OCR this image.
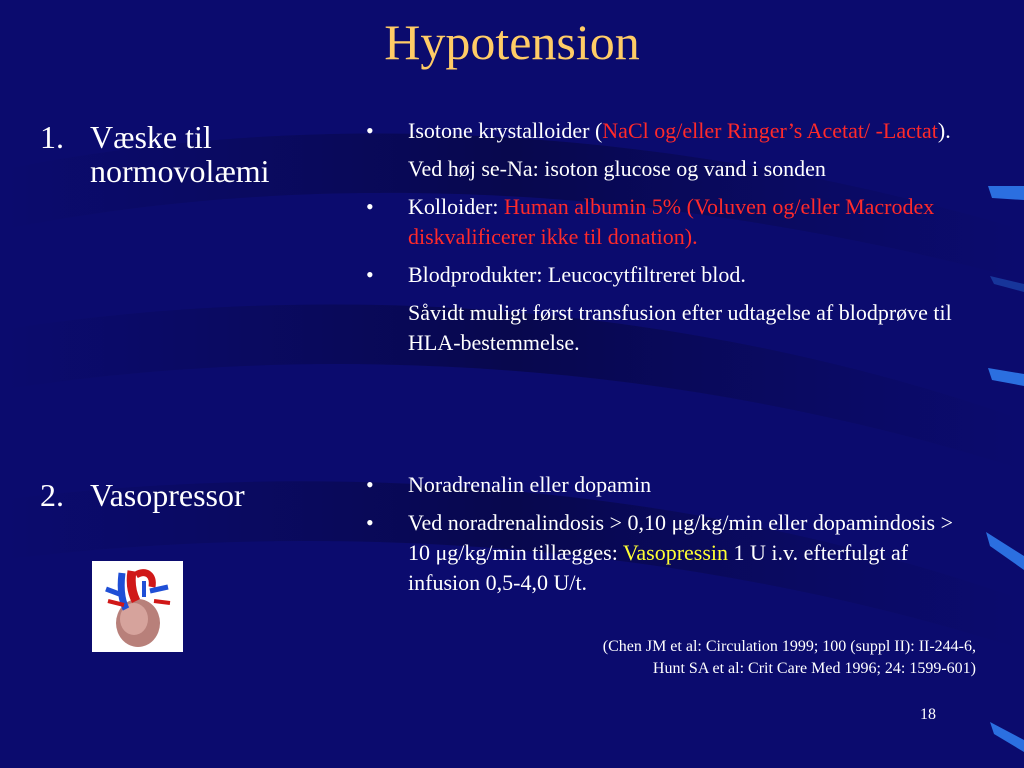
Hypotension
1. Væske til normovolæmi
•	Isotone krystalloider (NaCl og/eller Ringer’s Acetat/ -Lactat).
Ved høj se-Na: isoton glucose og vand i sonden
•	Kolloider: Human albumin 5% (Voluven og/eller Macrodex diskvalificerer ikke til donation).
•	Blodprodukter: Leucocytfiltreret blod.
Såvidt muligt først transfusion efter udtagelse af blodprøve til HLA-bestemmelse.
2. Vasopressor	•	Noradrenalin eller dopamin
•	Ved noradrenalindosis > 0,10 μg/kg/min eller dopamindosis > 10 μg/kg/min tillægges: Vasopressin 1 U i.v. efterfulgt af infusion 0,5-4,0 U/t.
(Chen JM et al: Circulation 1999; 100 (suppl II): II-244-6,
Hunt SA et al: Crit Care Med 1996; 24: 1599-601)
18
